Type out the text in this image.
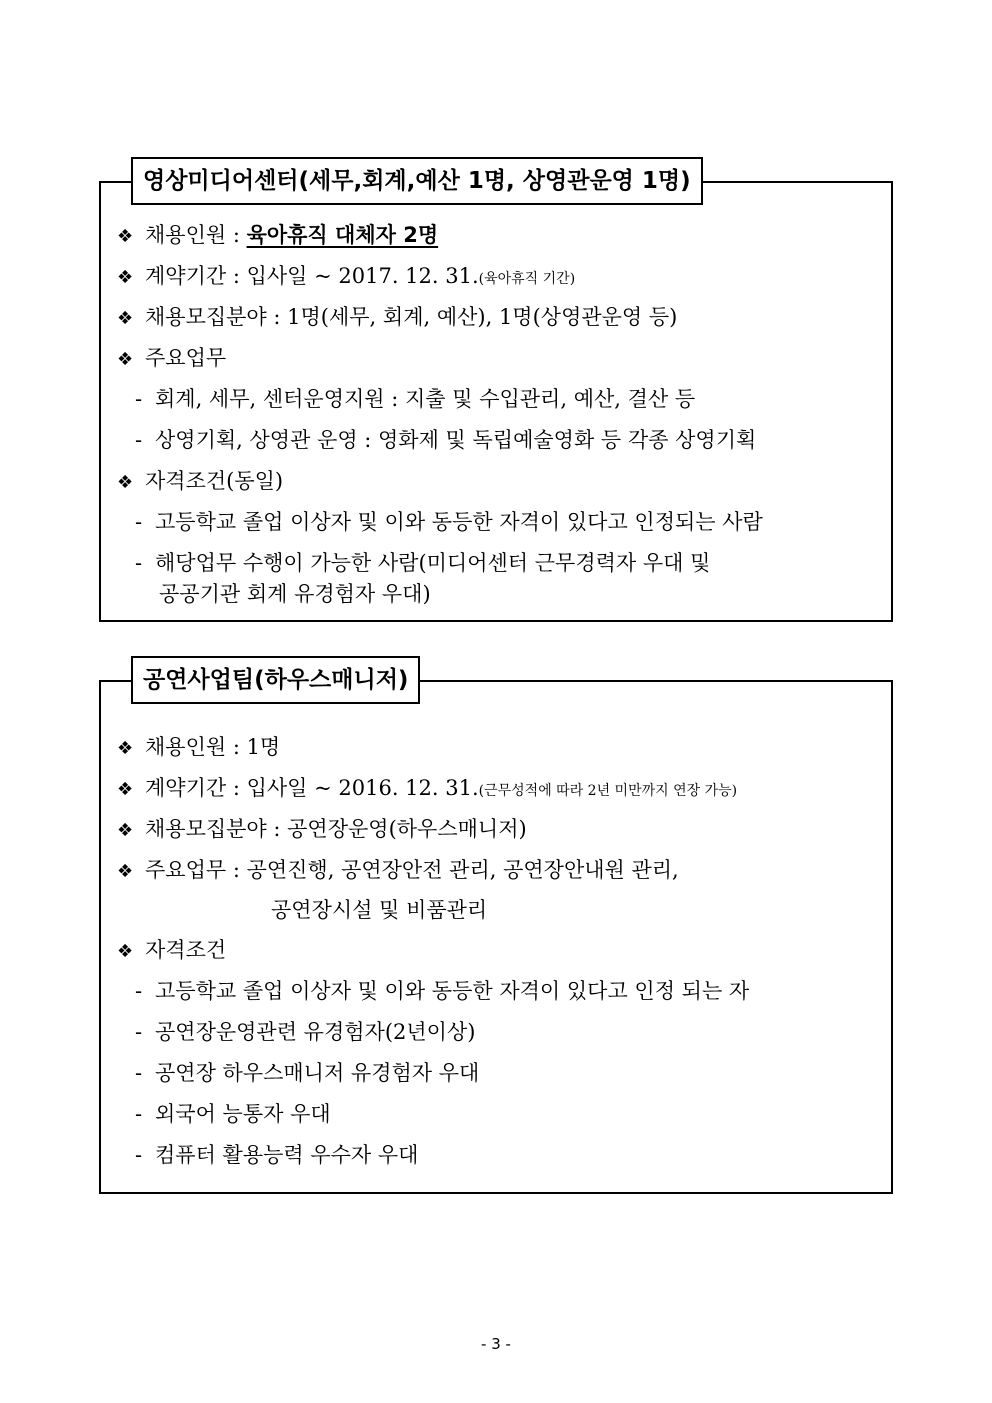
영상미디어센터(세무,회계,예산 1명, 상영관운영 1명)
❖ 채용인원 : 육아휴직 대체자 2명
❖ 계약기간 : 입사일 ~ 2017. 12. 31.(육아휴직 기간)
❖ 채용모집분야 : 1명(세무, 회계, 예산), 1명(상영관운영 등)
❖ 주요업무
- 회계, 세무, 센터운영지원 : 지출 및 수입관리, 예산, 결산 등
- 상영기획, 상영관 운영 : 영화제 및 독립예술영화 등 각종 상영기획
❖ 자격조건(동일)
- 고등학교 졸업 이상자 및 이와 동등한 자격이 있다고 인정되는 사람
- 해당업무 수행이 가능한 사람(미디어센터 근무경력자 우대 및
공공기관 회계 유경험자 우대)
공연사업팀(하우스매니저)
❖ 채용인원 : 1명
❖ 계약기간 : 입사일 ~ 2016. 12. 31.(근무성적에 따라 2년 미만까지 연장 가능)
❖ 채용모집분야 : 공연장운영(하우스매니저)
❖ 주요업무 : 공연진행, 공연장안전 관리, 공연장안내원 관리,
공연장시설 및 비품관리
❖ 자격조건
- 고등학교 졸업 이상자 및 이와 동등한 자격이 있다고 인정 되는 자
- 공연장운영관련 유경험자(2년이상)
- 공연장 하우스매니저 유경험자 우대
- 외국어 능통자 우대
- 컴퓨터 활용능력 우수자 우대
- 3 -
